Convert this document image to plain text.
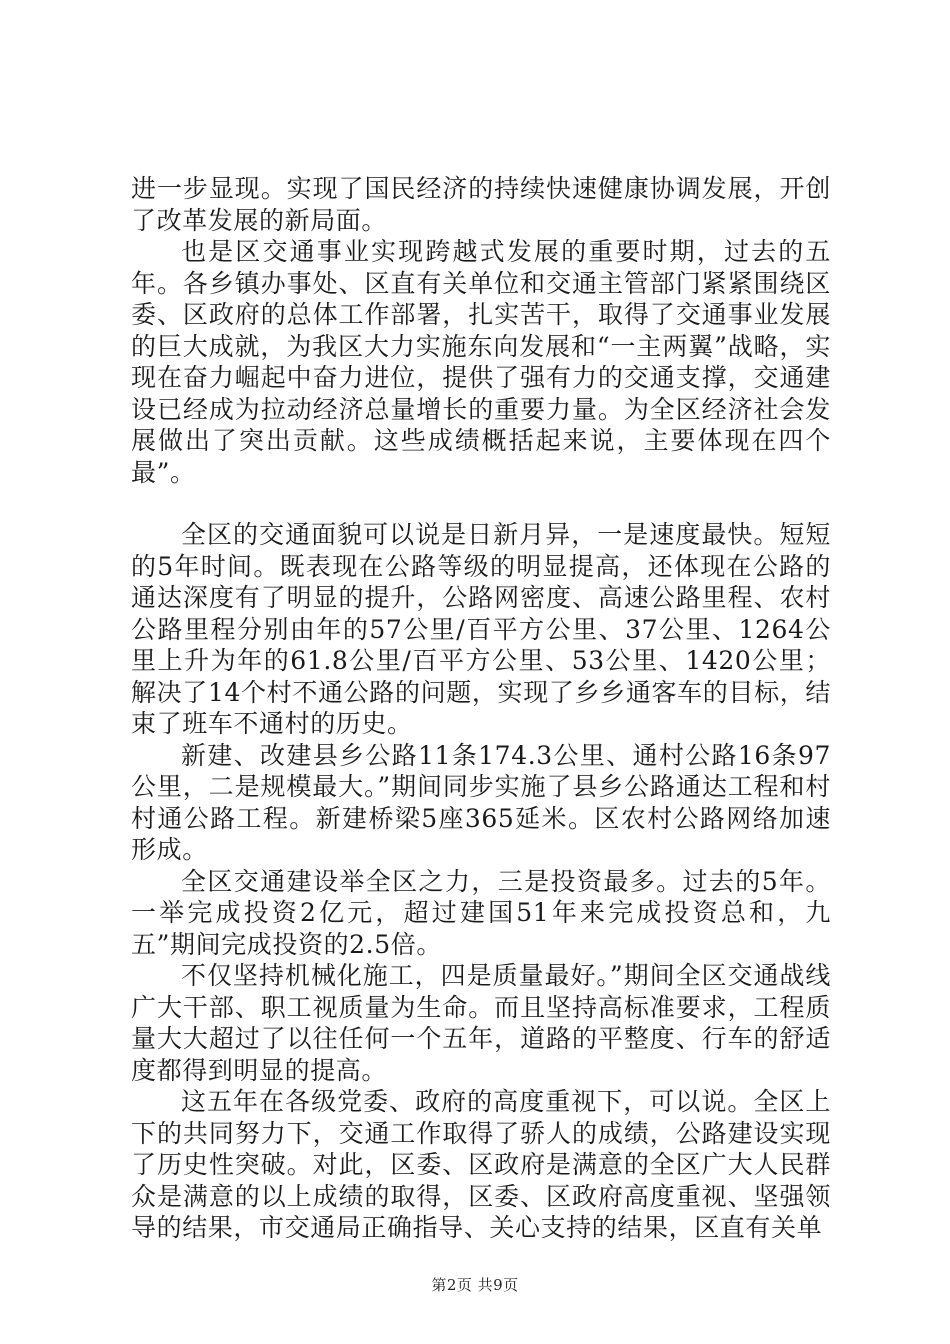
进一步显现。实现了国民经济的持续快速健康协调发展，开创了改革发展的新局面。

也是区交通事业实现跨越式发展的重要时期，过去的五年。各乡镇办事处、区直有关单位和交通主管部门紧紧围绕区委、区政府的总体工作部署，扎实苦干，取得了交通事业发展的巨大成就，为我区大力实施东向发展和“一主两翼”战略，实现在奋力崛起中奋力进位，提供了强有力的交通支撑，交通建设已经成为拉动经济总量增长的重要力量。为全区经济社会发展做出了突出贡献。这些成绩概括起来说，主要体现在四个最”。

全区的交通面貌可以说是日新月异，一是速度最快。短短的5年时间。既表现在公路等级的明显提高，还体现在公路的通达深度有了明显的提升，公路网密度、高速公路里程、农村公路里程分别由年的57公里/百平方公里、37公里、1264公里上升为年的61.8公里/百平方公里、53公里、1420公里；解决了14个村不通公路的问题，实现了乡乡通客车的目标，结束了班车不通村的历史。

新建、改建县乡公路11条174.3公里、通村公路16条97公里，二是规模最大。”期间同步实施了县乡公路通达工程和村村通公路工程。新建桥梁5座365延米。区农村公路网络加速形成。

全区交通建设举全区之力，三是投资最多。过去的5年。一举完成投资2亿元，超过建国51年来完成投资总和，九五”期间完成投资的2.5倍。

不仅坚持机械化施工，四是质量最好。”期间全区交通战线广大干部、职工视质量为生命。而且坚持高标准要求，工程质量大大超过了以往任何一个五年，道路的平整度、行车的舒适度都得到明显的提高。

这五年在各级党委、政府的高度重视下，可以说。全区上下的共同努力下，交通工作取得了骄人的成绩，公路建设实现了历史性突破。对此，区委、区政府是满意的全区广大人民群众是满意的以上成绩的取得，区委、区政府高度重视、坚强领导的结果，市交通局正确指导、关心支持的结果，区直有关单

第2页 共9页
